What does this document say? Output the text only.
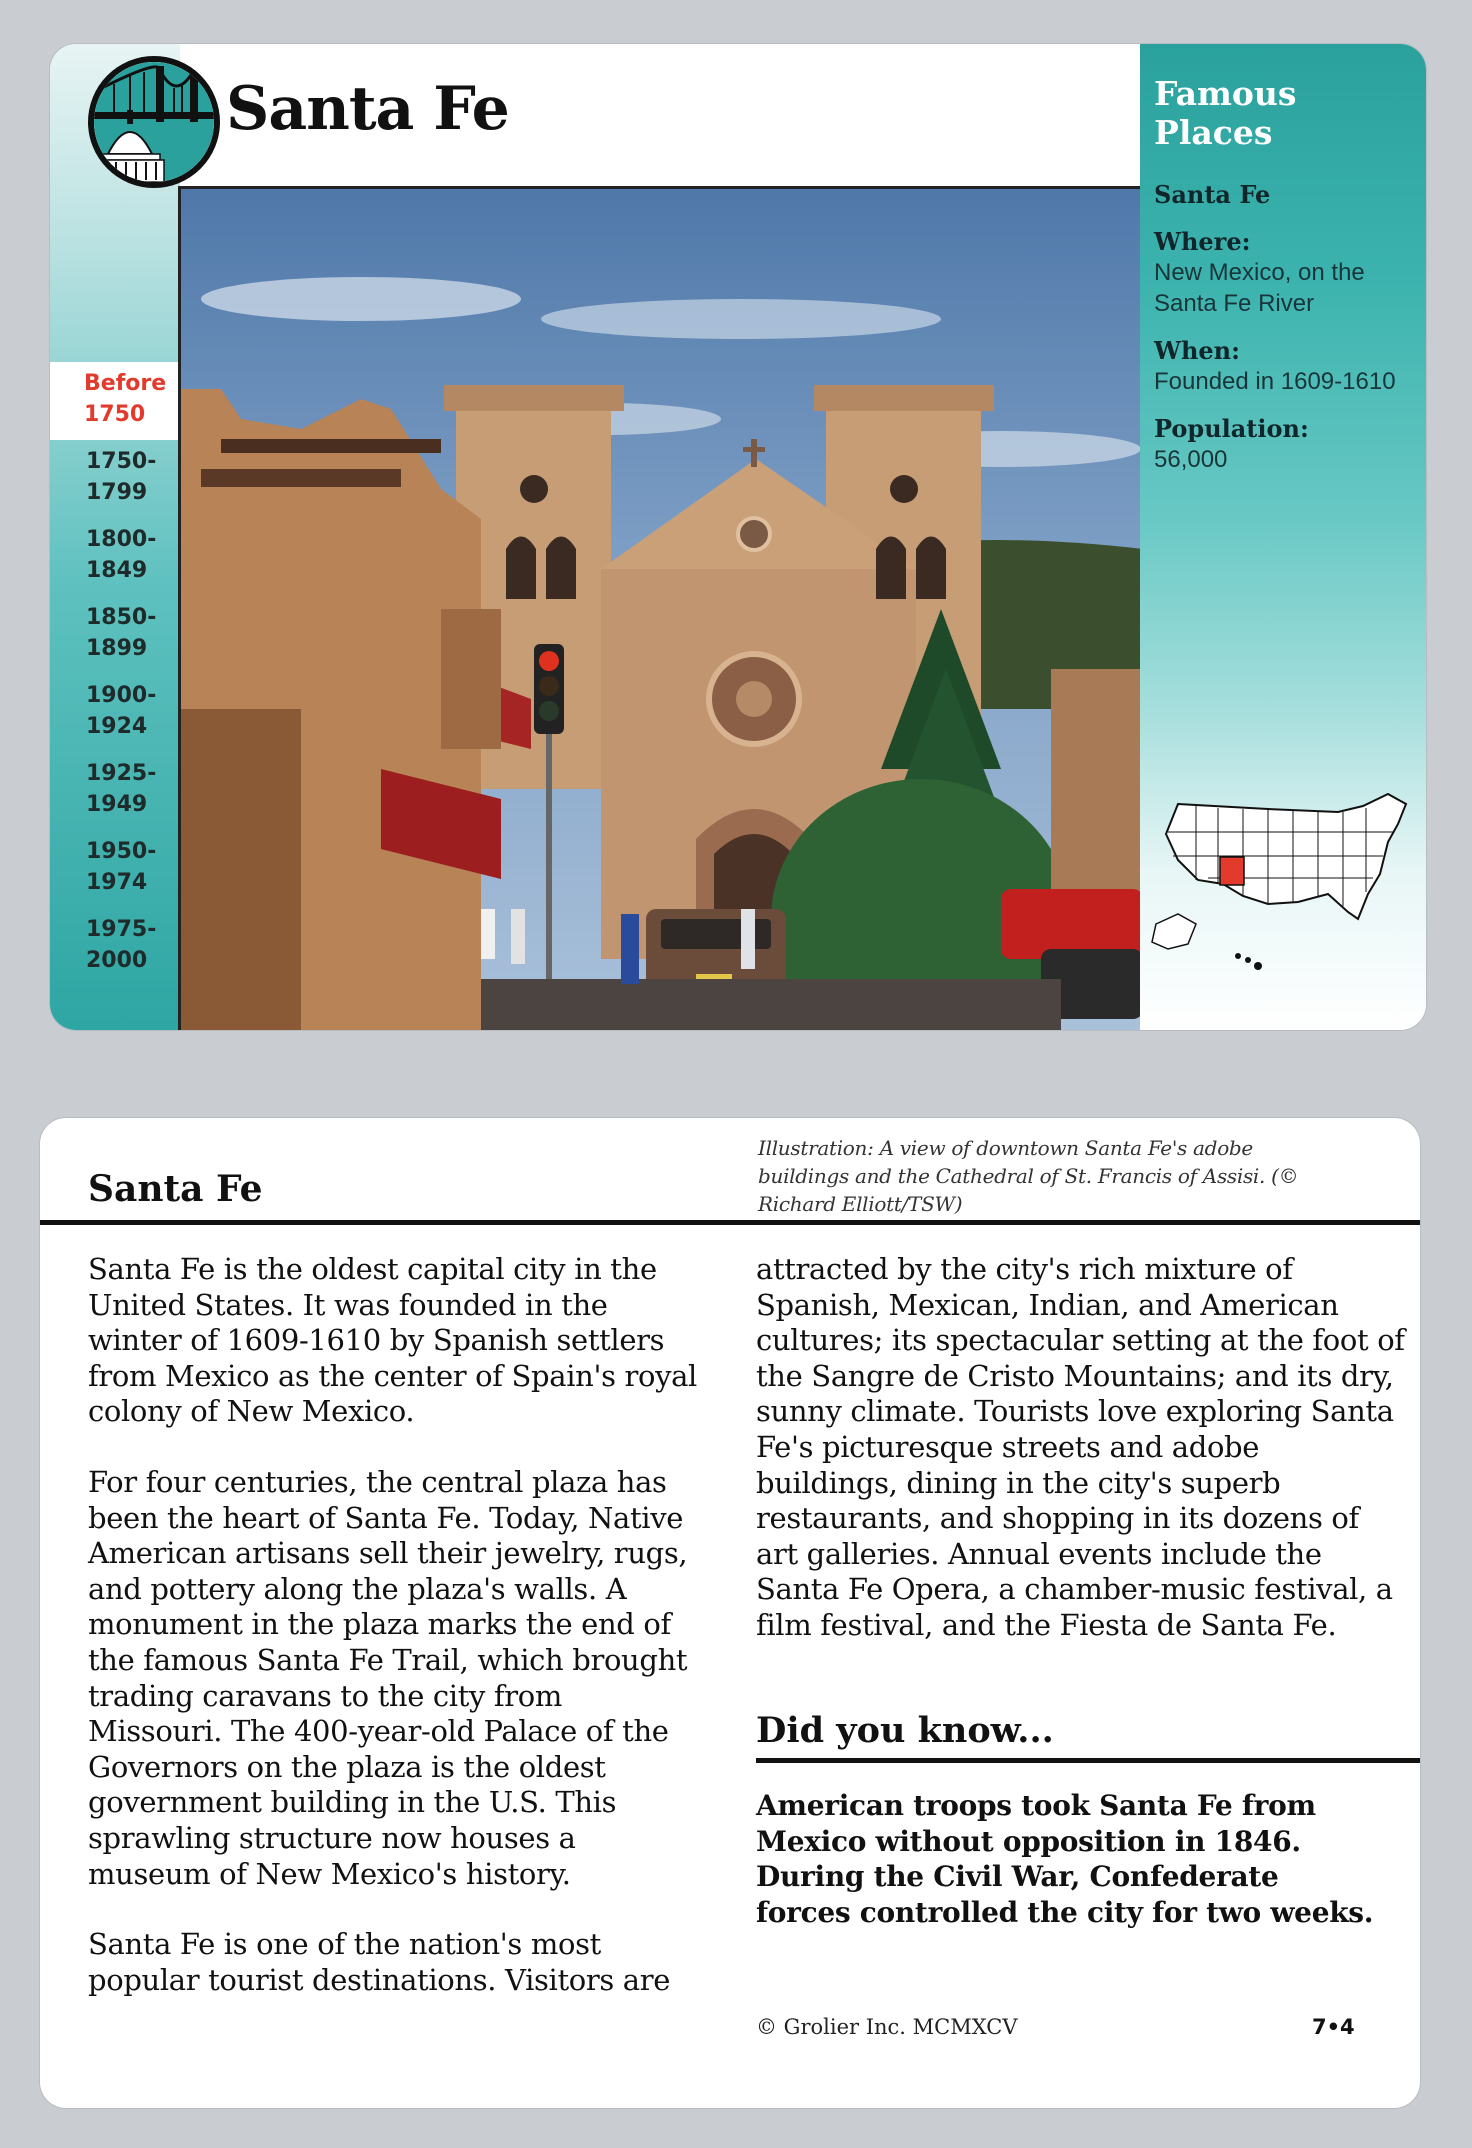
Before
1750
1750-
1799
1800-
1849
1850-
1899
1900-
1924
1925-
1949
1950-
1974
1975-
2000
Santa Fe	Famous
Places
Santa Fe
Where:
New Mexico, on the Santa Fe River
When:
Founded in 1609-1610
Population:
56,000
Santa Fe
Illustration: A view of downtown Santa Fe's adobe buildings and the Cathedral of St. Francis of Assisi. (© Richard Elliott/TSW)

Santa Fe is the oldest capital city in the United States. It was founded in the winter of 1609-1610 by Spanish settlers from Mexico as the center of Spain's royal colony of New Mexico.

For four centuries, the central plaza has been the heart of Santa Fe. Today, Native American artisans sell their jewelry, rugs, and pottery along the plaza's walls. A monument in the plaza marks the end of the famous Santa Fe Trail, which brought trading caravans to the city from Missouri. The 400-year-old Palace of the Governors on the plaza is the oldest government building in the U.S. This sprawling structure now houses a museum of New Mexico's history.

Santa Fe is one of the nation's most popular tourist destinations. Visitors are

attracted by the city's rich mixture of Spanish, Mexican, Indian, and American cultures; its spectacular setting at the foot of the Sangre de Cristo Mountains; and its dry, sunny climate. Tourists love exploring Santa Fe's picturesque streets and adobe buildings, dining in the city's superb restaurants, and shopping in its dozens of art galleries. Annual events include the Santa Fe Opera, a chamber-music festival, a film festival, and the Fiesta de Santa Fe.

Did you know...
American troops took Santa Fe from Mexico without opposition in 1846. During the Civil War, Confederate forces controlled the city for two weeks.
© Grolier Inc. MCMXCV	7•4
